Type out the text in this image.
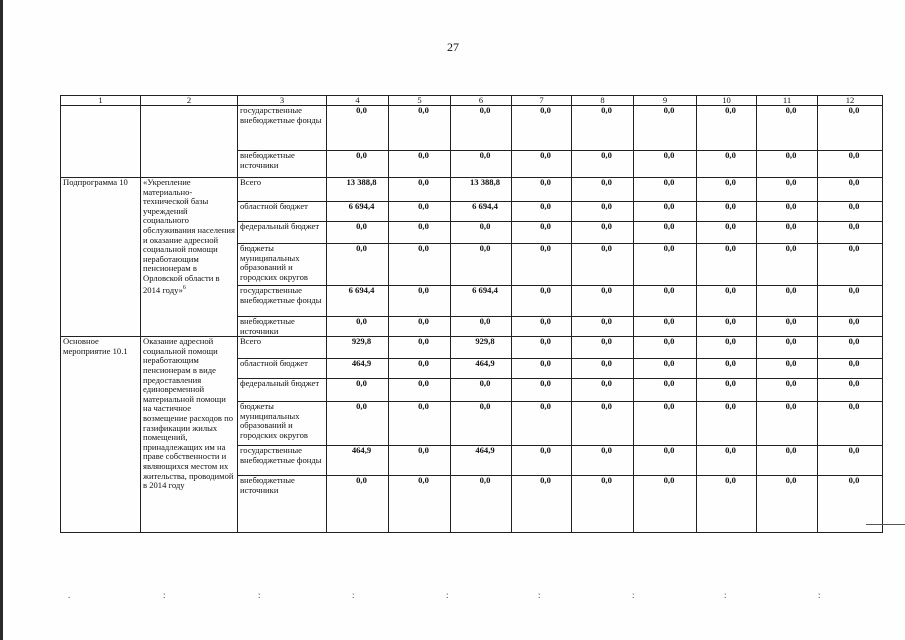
27
1	2	3	4	5	6	7	8	9	10	11	12
		государственные внебюджетные фонды	0,0	0,0	0,0	0,0	0,0	0,0	0,0	0,0	0,0
		внебюджетные источники	0,0	0,0	0,0	0,0	0,0	0,0	0,0	0,0	0,0
Подпрограмма 10	«Укрепление материально-технической базы учреждений социального обслуживания населения и оказание адресной социальной помощи неработающим пенсионерам в Орловской области в 2014 году»$^6$	Всего	13 388,8	0,0	13 388,8	0,0	0,0	0,0	0,0	0,0	0,0
		областной бюджет	6 694,4	0,0	6 694,4	0,0	0,0	0,0	0,0	0,0	0,0
		федеральный бюджет	0,0	0,0	0,0	0,0	0,0	0,0	0,0	0,0	0,0
		бюджеты муниципальных образований и городских округов	0,0	0,0	0,0	0,0	0,0	0,0	0,0	0,0	0,0
		государственные внебюджетные фонды	6 694,4	0,0	6 694,4	0,0	0,0	0,0	0,0	0,0	0,0
		внебюджетные источники	0,0	0,0	0,0	0,0	0,0	0,0	0,0	0,0	0,0
Основное мероприятие 10.1	Оказание адресной социальной помощи неработающим пенсионерам в виде предоставления единовременной материальной помощи на частичное возмещение расходов по газификации жилых помещений, принадлежащих им на праве собственности и являющихся местом их жительства, проводимой в 2014 году	Всего	929,8	0,0	929,8	0,0	0,0	0,0	0,0	0,0	0,0
		областной бюджет	464,9	0,0	464,9	0,0	0,0	0,0	0,0	0,0	0,0
		федеральный бюджет	0,0	0,0	0,0	0,0	0,0	0,0	0,0	0,0	0,0
		бюджеты муниципальных образований и городских округов	0,0	0,0	0,0	0,0	0,0	0,0	0,0	0,0	0,0
		государственные внебюджетные фонды	464,9	0,0	464,9	0,0	0,0	0,0	0,0	0,0	0,0
		внебюджетные источники	0,0	0,0	0,0	0,0	0,0	0,0	0,0	0,0	0,0
.	:	:	:	:	:	:	:	:
